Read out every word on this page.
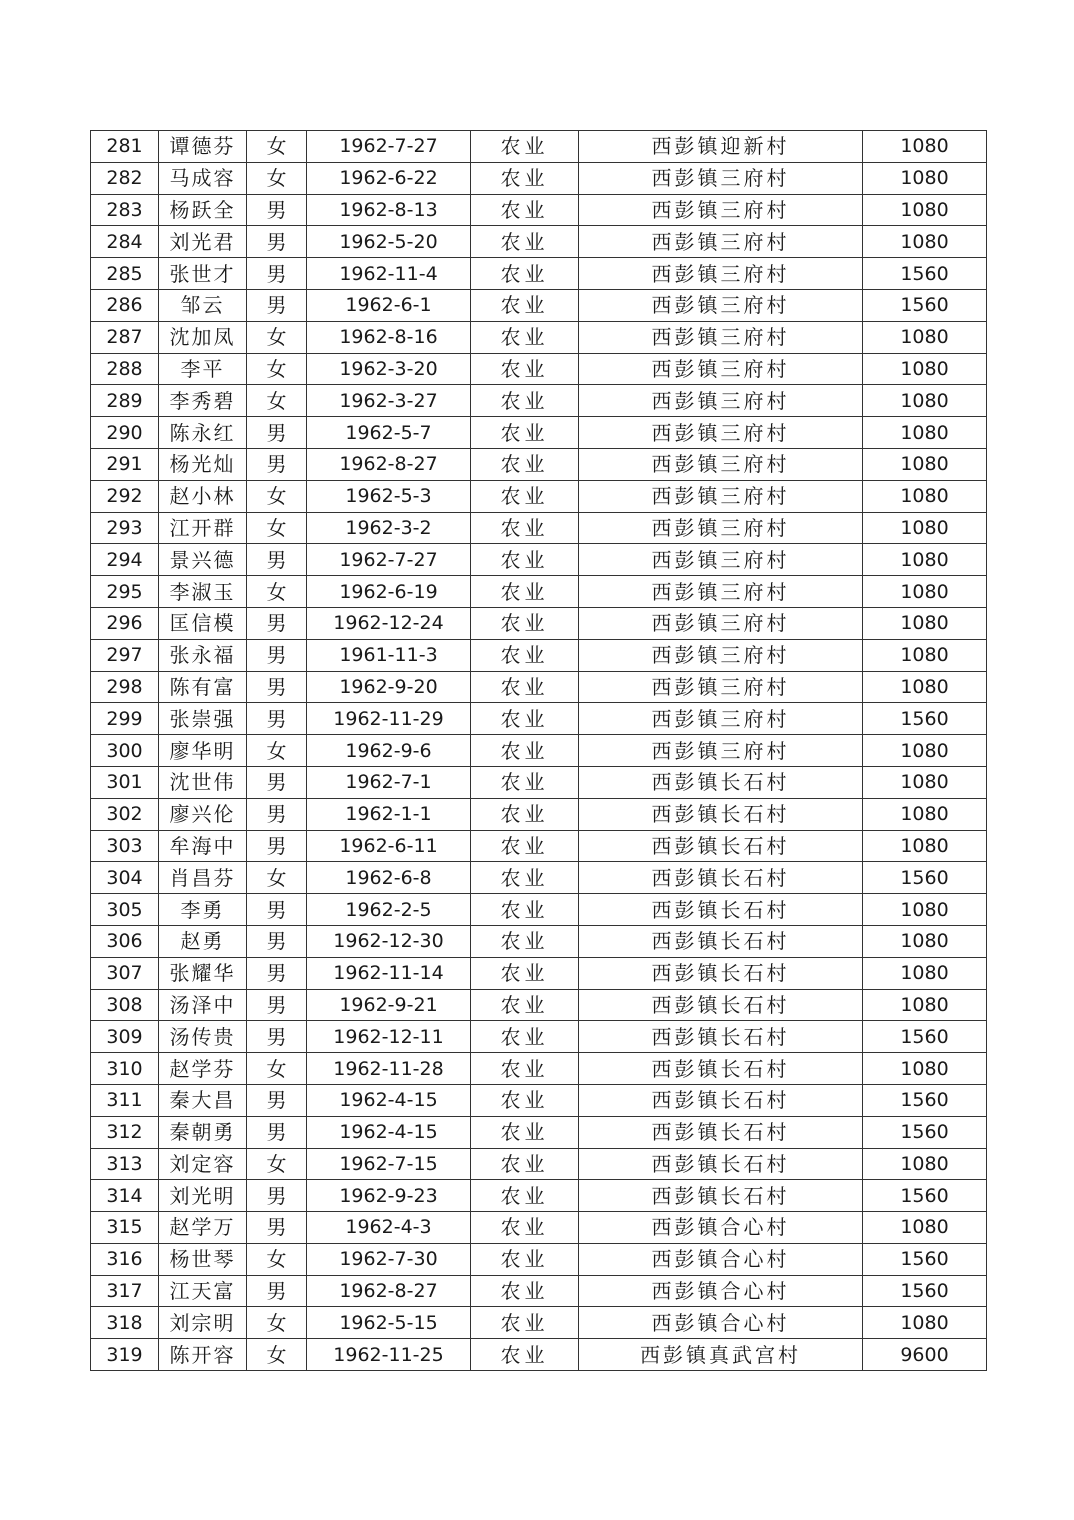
281	谭德芬	女	1962-7-27	农业	西彭镇迎新村	1080
282	马成容	女	1962-6-22	农业	西彭镇三府村	1080
283	杨跃全	男	1962-8-13	农业	西彭镇三府村	1080
284	刘光君	男	1962-5-20	农业	西彭镇三府村	1080
285	张世才	男	1962-11-4	农业	西彭镇三府村	1560
286	邹云	男	1962-6-1	农业	西彭镇三府村	1560
287	沈加凤	女	1962-8-16	农业	西彭镇三府村	1080
288	李平	女	1962-3-20	农业	西彭镇三府村	1080
289	李秀碧	女	1962-3-27	农业	西彭镇三府村	1080
290	陈永红	男	1962-5-7	农业	西彭镇三府村	1080
291	杨光灿	男	1962-8-27	农业	西彭镇三府村	1080
292	赵小林	女	1962-5-3	农业	西彭镇三府村	1080
293	江开群	女	1962-3-2	农业	西彭镇三府村	1080
294	景兴德	男	1962-7-27	农业	西彭镇三府村	1080
295	李淑玉	女	1962-6-19	农业	西彭镇三府村	1080
296	匡信模	男	1962-12-24	农业	西彭镇三府村	1080
297	张永福	男	1961-11-3	农业	西彭镇三府村	1080
298	陈有富	男	1962-9-20	农业	西彭镇三府村	1080
299	张崇强	男	1962-11-29	农业	西彭镇三府村	1560
300	廖华明	女	1962-9-6	农业	西彭镇三府村	1080
301	沈世伟	男	1962-7-1	农业	西彭镇长石村	1080
302	廖兴伦	男	1962-1-1	农业	西彭镇长石村	1080
303	牟海中	男	1962-6-11	农业	西彭镇长石村	1080
304	肖昌芬	女	1962-6-8	农业	西彭镇长石村	1560
305	李勇	男	1962-2-5	农业	西彭镇长石村	1080
306	赵勇	男	1962-12-30	农业	西彭镇长石村	1080
307	张耀华	男	1962-11-14	农业	西彭镇长石村	1080
308	汤泽中	男	1962-9-21	农业	西彭镇长石村	1080
309	汤传贵	男	1962-12-11	农业	西彭镇长石村	1560
310	赵学芬	女	1962-11-28	农业	西彭镇长石村	1080
311	秦大昌	男	1962-4-15	农业	西彭镇长石村	1560
312	秦朝勇	男	1962-4-15	农业	西彭镇长石村	1560
313	刘定容	女	1962-7-15	农业	西彭镇长石村	1080
314	刘光明	男	1962-9-23	农业	西彭镇长石村	1560
315	赵学万	男	1962-4-3	农业	西彭镇合心村	1080
316	杨世琴	女	1962-7-30	农业	西彭镇合心村	1560
317	江天富	男	1962-8-27	农业	西彭镇合心村	1560
318	刘宗明	女	1962-5-15	农业	西彭镇合心村	1080
319	陈开容	女	1962-11-25	农业	西彭镇真武宫村	9600
